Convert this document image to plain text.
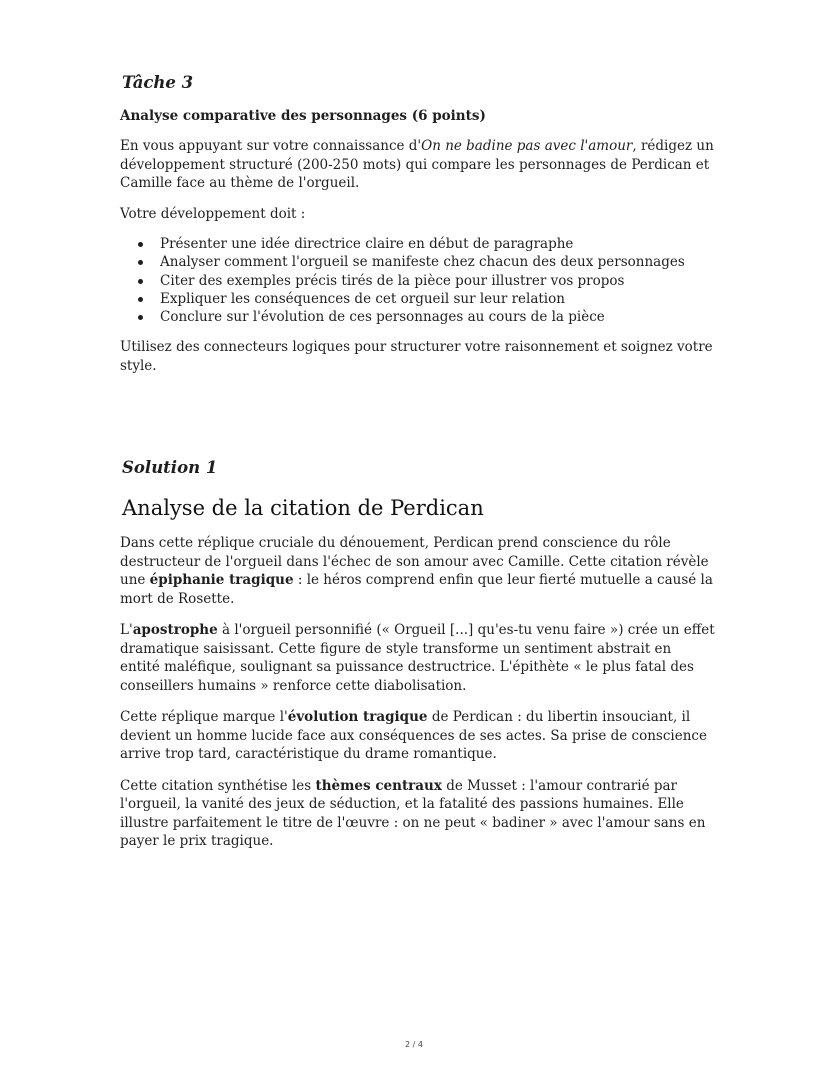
Tâche 3
Analyse comparative des personnages (6 points)

En vous appuyant sur votre connaissance d'On ne badine pas avec l'amour, rédigez un développement structuré (200-250 mots) qui compare les personnages de Perdican et Camille face au thème de l'orgueil.

Votre développement doit :

Présenter une idée directrice claire en début de paragraphe
Analyser comment l'orgueil se manifeste chez chacun des deux personnages
Citer des exemples précis tirés de la pièce pour illustrer vos propos
Expliquer les conséquences de cet orgueil sur leur relation
Conclure sur l'évolution de ces personnages au cours de la pièce

Utilisez des connecteurs logiques pour structurer votre raisonnement et soignez votre style.

Solution 1
Analyse de la citation de Perdican

Dans cette réplique cruciale du dénouement, Perdican prend conscience du rôle destructeur de l'orgueil dans l'échec de son amour avec Camille. Cette citation révèle une épiphanie tragique : le héros comprend enfin que leur fierté mutuelle a causé la mort de Rosette.

L'apostrophe à l'orgueil personnifié (« Orgueil [...] qu'es-tu venu faire ») crée un effet dramatique saisissant. Cette figure de style transforme un sentiment abstrait en entité maléfique, soulignant sa puissance destructrice. L'épithète « le plus fatal des conseillers humains » renforce cette diabolisation.

Cette réplique marque l'évolution tragique de Perdican : du libertin insouciant, il devient un homme lucide face aux conséquences de ses actes. Sa prise de conscience arrive trop tard, caractéristique du drame romantique.

Cette citation synthétise les thèmes centraux de Musset : l'amour contrarié par l'orgueil, la vanité des jeux de séduction, et la fatalité des passions humaines. Elle illustre parfaitement le titre de l'œuvre : on ne peut « badiner » avec l'amour sans en payer le prix tragique.

2 / 4
